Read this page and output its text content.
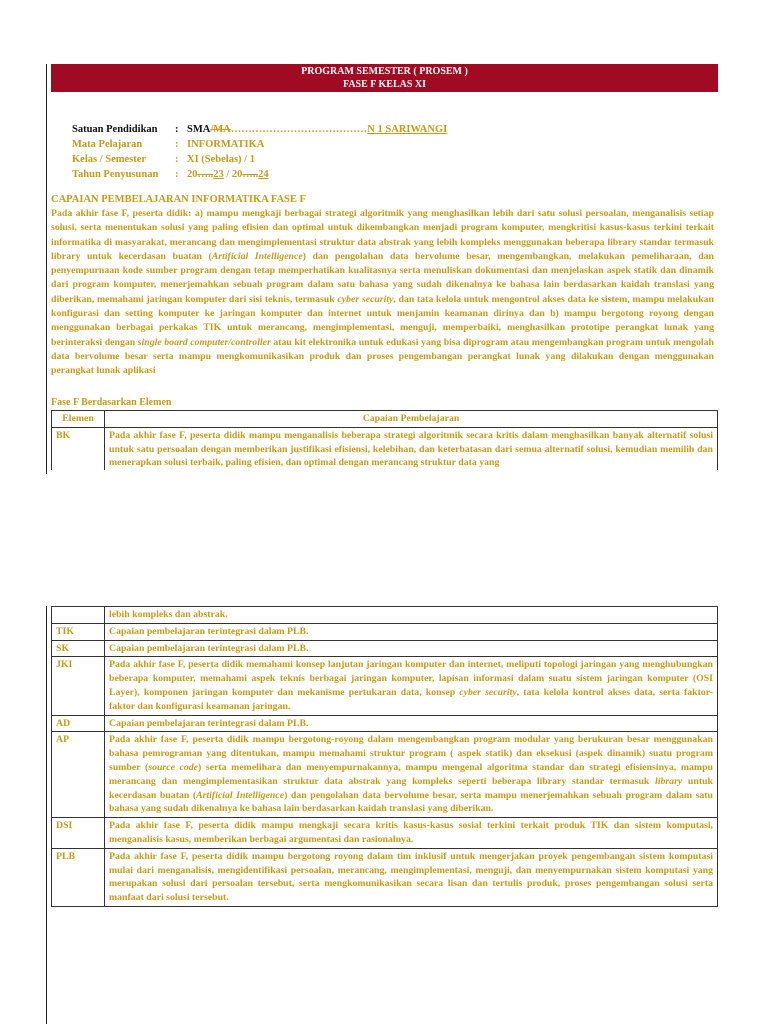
PROGRAM SEMESTER ( PROSEM )
FASE F KELAS XI
Satuan Pendidikan	: SMA/MA…………………………………N 1 SARIWANGI
Mata Pelajaran	: INFORMATIKA
Kelas / Semester	: XI (Sebelas) / 1
Tahun Penyusunan	: 20…..23 / 20…..24
CAPAIAN PEMBELAJARAN INFORMATIKA FASE F
Pada akhir fase F, peserta didik: a) mampu mengkaji berbagai strategi algoritmik yang menghasilkan lebih dari satu solusi persoalan, menganalisis setiap solusi, serta menentukan solusi yang paling efisien dan optimal untuk dikembangkan menjadi program komputer, mengkritisi kasus-kasus terkini terkait informatika di masyarakat, merancang dan mengimplementasi struktur data abstrak yang lebih kompleks menggunakan beberapa library standar termasuk library untuk kecerdasan buatan (Artificial Intelligence) dan pengolahan data bervolume besar, mengembangkan, melakukan pemeliharaan, dan penyempurnaan kode sumber program dengan tetap memperhatikan kualitasnya serta menuliskan dokumentasi dan menjelaskan aspek statik dan dinamik dari program komputer, menerjemahkan sebuah program dalam satu bahasa yang sudah dikenalnya ke bahasa lain berdasarkan kaidah translasi yang diberikan, memahami jaringan komputer dari sisi teknis, termasuk cyber security, dan tata kelola untuk mengontrol akses data ke sistem, mampu melakukan konfigurasi dan setting komputer ke jaringan komputer dan internet untuk menjamin keamanan dirinya dan b) mampu bergotong royong dengan menggunakan berbagai perkakas TIK untuk merancang, mengimplementasi, menguji, memperbaiki, menghasilkan prototipe perangkat lunak yang berinteraksi dengan single board computer/controller atau kit elektronika untuk edukasi yang bisa diprogram atau mengembangkan program untuk mengolah data bervolume besar serta mampu mengkomunikasikan produk dan proses pengembangan perangkat lunak yang dilakukan dengan menggunakan perangkat lunak aplikasi
Fase F Berdasarkan Elemen
Elemen	Capaian Pembelajaran
BK	Pada akhir fase F, peserta didik mampu menganalisis beberapa strategi algoritmik secara kritis dalam menghasilkan banyak alternatif solusi untuk satu persoalan dengan memberikan justifikasi efisiensi, kelebihan, dan keterbatasan dari semua alternatif solusi, kemudian memilih dan menerapkan solusi terbaik, paling efisien, dan optimal dengan merancang struktur data yang
	lebih kompleks dan abstrak.
TIK	Capaian pembelajaran terintegrasi dalam PLB.
SK	Capaian pembelajaran terintegrasi dalam PLB.
JKI	Pada akhir fase F, peserta didik memahami konsep lanjutan jaringan komputer dan internet, meliputi topologi jaringan yang menghubungkan beberapa komputer, memahami aspek teknis berbagai jaringan komputer, lapisan informasi dalam suatu sistem jaringan komputer (OSI Layer), komponen jaringan komputer dan mekanisme pertukaran data, konsep cyber security, tata kelola kontrol akses data, serta faktor- faktor dan konfigurasi keamanan jaringan.
AD	Capaian pembelajaran terintegrasi dalam PLB.
AP	Pada akhir fase F, peserta didik mampu bergotong-royong dalam mengembangkan program modular yang berukuran besar menggunakan bahasa pemrograman yang ditentukan, mampu memahami struktur program ( aspek statik) dan eksekusi (aspek dinamik) suatu program sumber (source code) serta memelihara dan menyempurnakannya, mampu mengenal algoritma standar dan strategi efisiensinya, mampu merancang dan mengimplementasikan struktur data abstrak yang kompleks seperti beberapa library standar termasuk library untuk kecerdasan buatan (Artificial Intelligence) dan pengolahan data bervolume besar, serta mampu menerjemahkan sebuah program dalam satu bahasa yang sudah dikenalnya ke bahasa lain berdasarkan kaidah translasi yang diberikan.
DSI	Pada akhir fase F, peserta didik mampu mengkaji secara kritis kasus-kasus sosial terkini terkait produk TIK dan sistem komputasi, menganalisis kasus, memberikan berbagai argumentasi dan rasionalnya.
PLB	Pada akhir fase F, peserta didik mampu bergotong royong dalam tim inklusif untuk mengerjakan proyek pengembangan sistem komputasi mulai dari menganalisis, mengidentifikasi persoalan, merancang, mengimplementasi, menguji, dan menyempurnakan sistem komputasi yang merupakan solusi dari persoalan tersebut, serta mengkomunikasikan secara lisan dan tertulis produk, proses pengembangan solusi serta manfaat dari solusi tersebut.
